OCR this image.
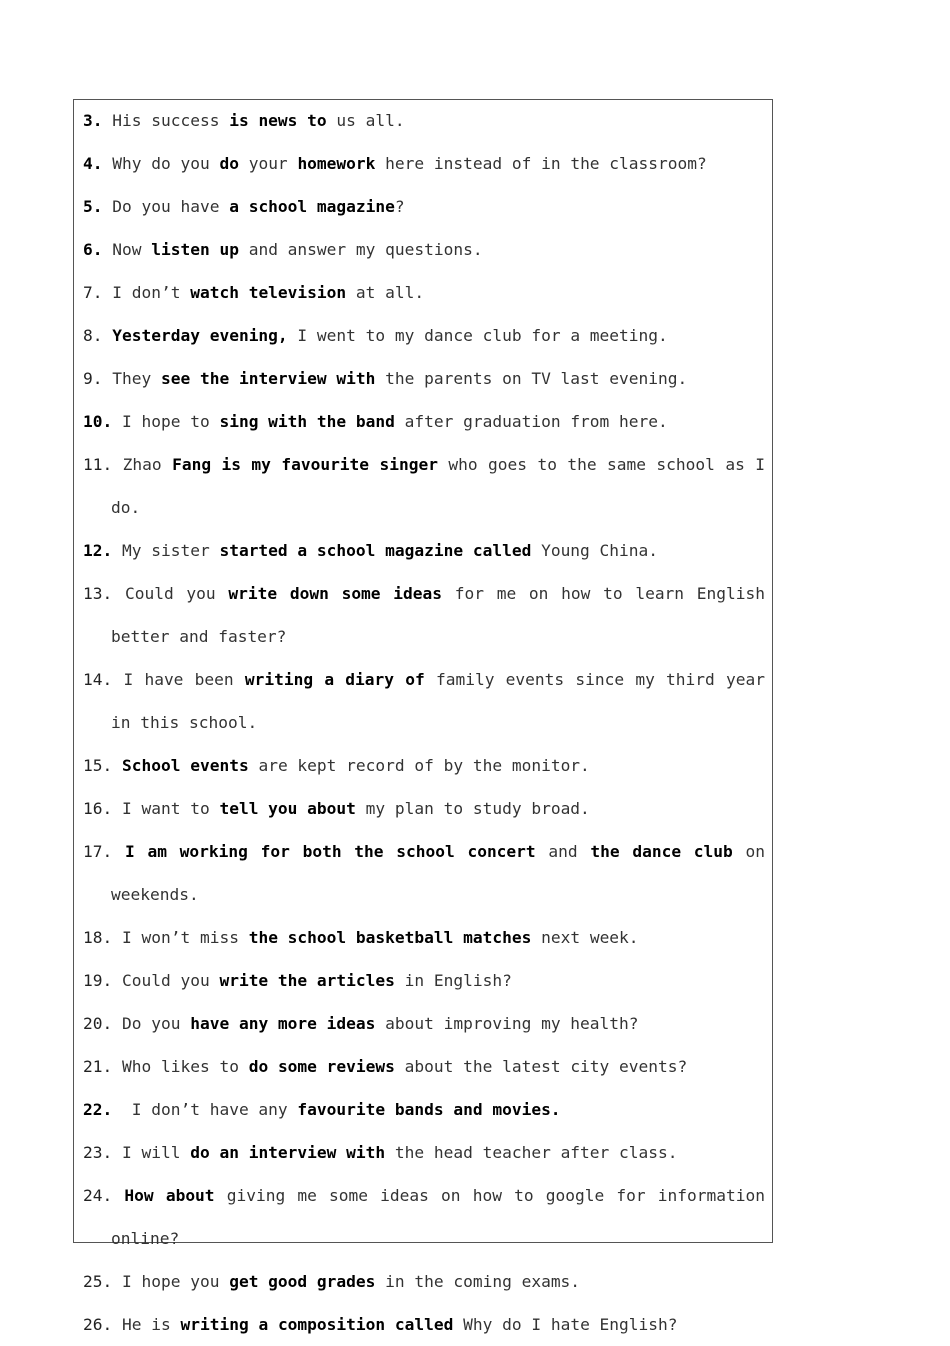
3. His success is news to us all.
4. Why do you do your homework here instead of in the classroom?
5. Do you have a school magazine?
6. Now listen up and answer my questions.
7. I don’t watch television at all.
8. Yesterday evening, I went to my dance club for a meeting.
9. They see the interview with the parents on TV last evening.
10. I hope to sing with the band after graduation from here.
11. Zhao Fang is my favourite singer who goes to the same school as I do.
12. My sister started a school magazine called Young China.
13. Could you write down some ideas for me on how to learn English better and faster?
14. I have been writing a diary of family events since my third year in this school.
15. School events are kept record of by the monitor.
16. I want to tell you about my plan to study broad.
17. I am working for both the school concert and the dance club on weekends.
18. I won’t miss the school basketball matches next week.
19. Could you write the articles in English?
20. Do you have any more ideas about improving my health?
21. Who likes to do some reviews about the latest city events?
22.  I don’t have any favourite bands and movies.
23. I will do an interview with the head teacher after class.
24. How about giving me some ideas on how to google for information online?
25. I hope you get good grades in the coming exams.
26. He is writing a composition called Why do I hate English?
